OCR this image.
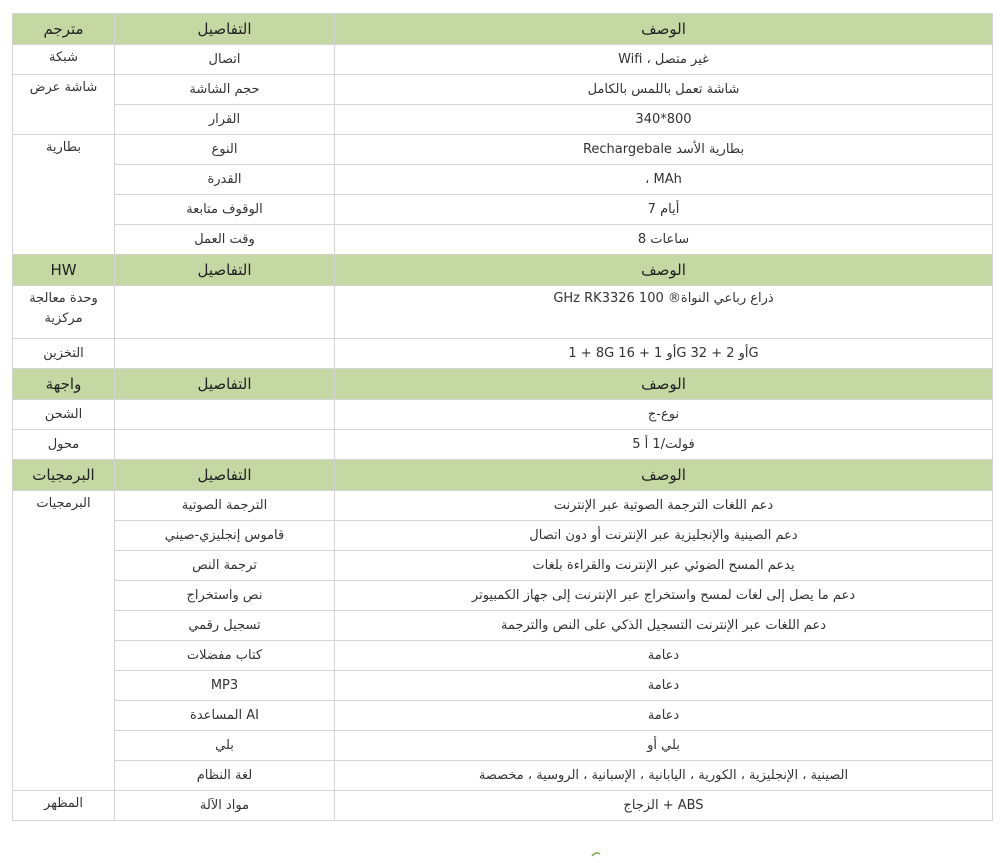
مترجم	التفاصيل	الوصف
شبكة	اتصال	Wifi ، غير متصل
شاشة عرض	حجم الشاشة	شاشة تعمل باللمس بالكامل
	القرار	340*800
بطارية	النوع	Rechargebale بطارية الأسد
	القدرة	، MAh
	الوقوف متابعة	أيام 7
	وقت العمل	ساعات 8
HW	التفاصيل	الوصف
وحدة معالجة مركزية		GHz RK3326 ذراع رباعي النواة® 100
التخزين		1 + 8G 16 + 1 أوG 32 + 2 أوG
واجهة	التفاصيل	الوصف
الشحن		نوع-ج
محول		فولت/1 أ 5
البرمجيات	التفاصيل	الوصف
البرمجيات	الترجمة الصوتية	دعم اللغات الترجمة الصوتية عبر الإنترنت
	قاموس إنجليزي-صيني	دعم الصينية والإنجليزية عبر الإنترنت أو دون اتصال
	ترجمة النص	يدعم المسح الضوئي عبر الإنترنت والقراءة بلغات
	نص واستخراج	دعم ما يصل إلى لغات لمسح واستخراج عبر الإنترنت إلى جهاز الكمبيوتر
	تسجيل رقمي	دعم اللغات عبر الإنترنت التسجيل الذكي على النص والترجمة
	كتاب مفضلات	دعامة
	MP3	دعامة
	المساعدة AI	دعامة
	بلي	بلي أو
	لغة النظام	الصينية ، الإنجليزية ، الكورية ، اليابانية ، الإسبانية ، الروسية ، مخصصة
المظهر	مواد الآلة	الزجاج + ABS
